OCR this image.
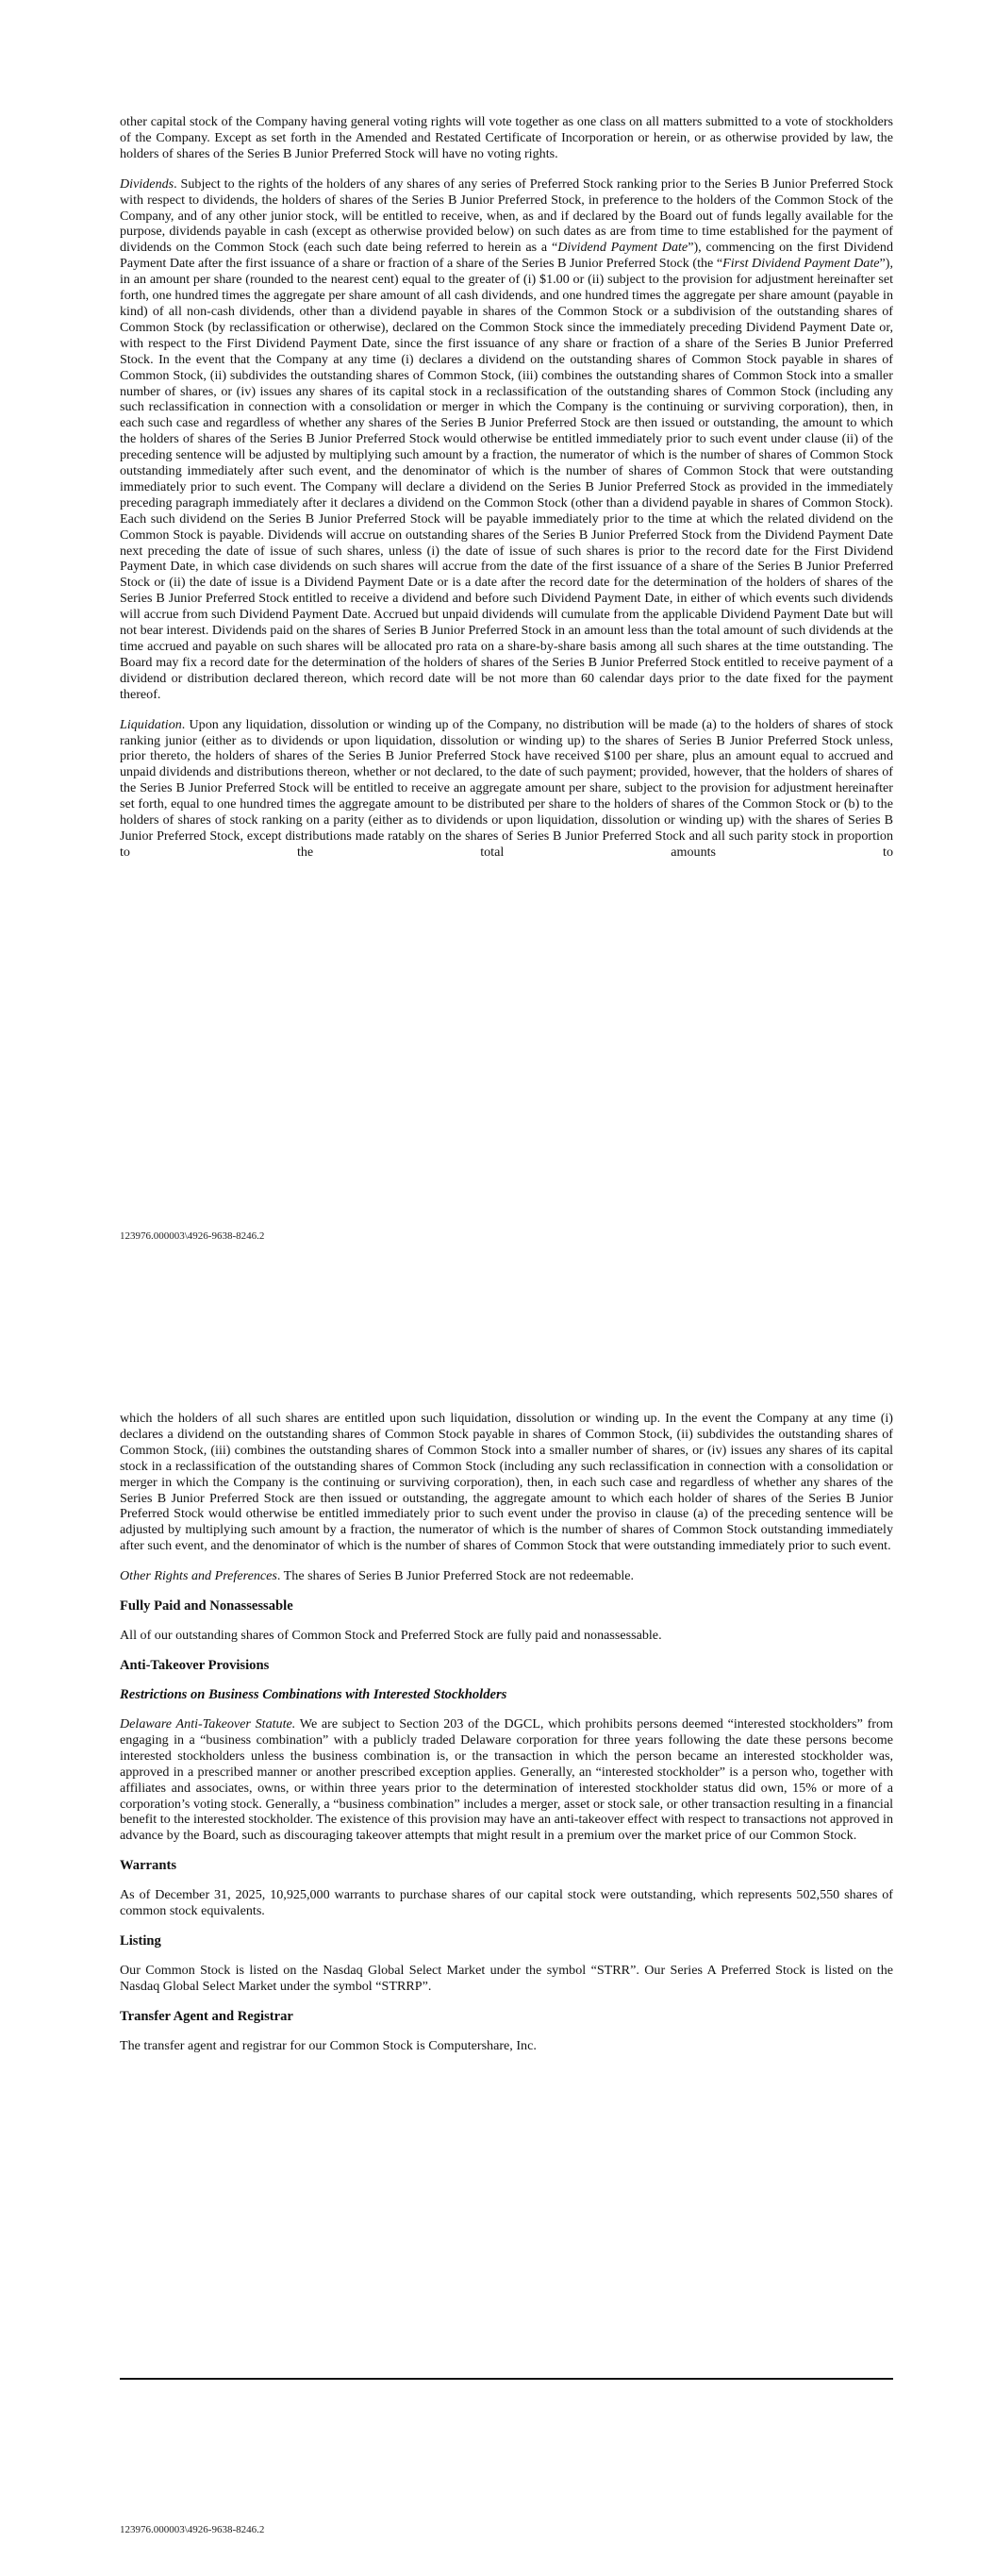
other capital stock of the Company having general voting rights will vote together as one class on all matters submitted to a vote of stockholders of the Company. Except as set forth in the Amended and Restated Certificate of Incorporation or herein, or as otherwise provided by law, the holders of shares of the Series B Junior Preferred Stock will have no voting rights.

Dividends. Subject to the rights of the holders of any shares of any series of Preferred Stock ranking prior to the Series B Junior Preferred Stock with respect to dividends, the holders of shares of the Series B Junior Preferred Stock, in preference to the holders of the Common Stock of the Company, and of any other junior stock, will be entitled to receive, when, as and if declared by the Board out of funds legally available for the purpose, dividends payable in cash (except as otherwise provided below) on such dates as are from time to time established for the payment of dividends on the Common Stock (each such date being referred to herein as a “Dividend Payment Date”), commencing on the first Dividend Payment Date after the first issuance of a share or fraction of a share of the Series B Junior Preferred Stock (the “First Dividend Payment Date”), in an amount per share (rounded to the nearest cent) equal to the greater of (i) $1.00 or (ii) subject to the provision for adjustment hereinafter set forth, one hundred times the aggregate per share amount of all cash dividends, and one hundred times the aggregate per share amount (payable in kind) of all non-cash dividends, other than a dividend payable in shares of the Common Stock or a subdivision of the outstanding shares of Common Stock (by reclassification or otherwise), declared on the Common Stock since the immediately preceding Dividend Payment Date or, with respect to the First Dividend Payment Date, since the first issuance of any share or fraction of a share of the Series B Junior Preferred Stock. In the event that the Company at any time (i) declares a dividend on the outstanding shares of Common Stock payable in shares of Common Stock, (ii) subdivides the outstanding shares of Common Stock, (iii) combines the outstanding shares of Common Stock into a smaller number of shares, or (iv) issues any shares of its capital stock in a reclassification of the outstanding shares of Common Stock (including any such reclassification in connection with a consolidation or merger in which the Company is the continuing or surviving corporation), then, in each such case and regardless of whether any shares of the Series B Junior Preferred Stock are then issued or outstanding, the amount to which the holders of shares of the Series B Junior Preferred Stock would otherwise be entitled immediately prior to such event under clause (ii) of the preceding sentence will be adjusted by multiplying such amount by a fraction, the numerator of which is the number of shares of Common Stock outstanding immediately after such event, and the denominator of which is the number of shares of Common Stock that were outstanding immediately prior to such event. The Company will declare a dividend on the Series B Junior Preferred Stock as provided in the immediately preceding paragraph immediately after it declares a dividend on the Common Stock (other than a dividend payable in shares of Common Stock). Each such dividend on the Series B Junior Preferred Stock will be payable immediately prior to the time at which the related dividend on the Common Stock is payable. Dividends will accrue on outstanding shares of the Series B Junior Preferred Stock from the Dividend Payment Date next preceding the date of issue of such shares, unless (i) the date of issue of such shares is prior to the record date for the First Dividend Payment Date, in which case dividends on such shares will accrue from the date of the first issuance of a share of the Series B Junior Preferred Stock or (ii) the date of issue is a Dividend Payment Date or is a date after the record date for the determination of the holders of shares of the Series B Junior Preferred Stock entitled to receive a dividend and before such Dividend Payment Date, in either of which events such dividends will accrue from such Dividend Payment Date. Accrued but unpaid dividends will cumulate from the applicable Dividend Payment Date but will not bear interest. Dividends paid on the shares of Series B Junior Preferred Stock in an amount less than the total amount of such dividends at the time accrued and payable on such shares will be allocated pro rata on a share-by-share basis among all such shares at the time outstanding. The Board may fix a record date for the determination of the holders of shares of the Series B Junior Preferred Stock entitled to receive payment of a dividend or distribution declared thereon, which record date will be not more than 60 calendar days prior to the date fixed for the payment thereof.

Liquidation. Upon any liquidation, dissolution or winding up of the Company, no distribution will be made (a) to the holders of shares of stock ranking junior (either as to dividends or upon liquidation, dissolution or winding up) to the shares of Series B Junior Preferred Stock unless, prior thereto, the holders of shares of the Series B Junior Preferred Stock have received $100 per share, plus an amount equal to accrued and unpaid dividends and distributions thereon, whether or not declared, to the date of such payment; provided, however, that the holders of shares of the Series B Junior Preferred Stock will be entitled to receive an aggregate amount per share, subject to the provision for adjustment hereinafter set forth, equal to one hundred times the aggregate amount to be distributed per share to the holders of shares of the Common Stock or (b) to the holders of shares of stock ranking on a parity (either as to dividends or upon liquidation, dissolution or winding up) with the shares of Series B Junior Preferred Stock, except distributions made ratably on the shares of Series B Junior Preferred Stock and all such parity stock in proportion to the total amounts to

123976.000003\4926-9638-8246.2

which the holders of all such shares are entitled upon such liquidation, dissolution or winding up. In the event the Company at any time (i) declares a dividend on the outstanding shares of Common Stock payable in shares of Common Stock, (ii) subdivides the outstanding shares of Common Stock, (iii) combines the outstanding shares of Common Stock into a smaller number of shares, or (iv) issues any shares of its capital stock in a reclassification of the outstanding shares of Common Stock (including any such reclassification in connection with a consolidation or merger in which the Company is the continuing or surviving corporation), then, in each such case and regardless of whether any shares of the Series B Junior Preferred Stock are then issued or outstanding, the aggregate amount to which each holder of shares of the Series B Junior Preferred Stock would otherwise be entitled immediately prior to such event under the proviso in clause (a) of the preceding sentence will be adjusted by multiplying such amount by a fraction, the numerator of which is the number of shares of Common Stock outstanding immediately after such event, and the denominator of which is the number of shares of Common Stock that were outstanding immediately prior to such event.

Other Rights and Preferences. The shares of Series B Junior Preferred Stock are not redeemable.

Fully Paid and Nonassessable

All of our outstanding shares of Common Stock and Preferred Stock are fully paid and nonassessable.

Anti-Takeover Provisions
Restrictions on Business Combinations with Interested Stockholders

Delaware Anti-Takeover Statute. We are subject to Section 203 of the DGCL, which prohibits persons deemed “interested stockholders” from engaging in a “business combination” with a publicly traded Delaware corporation for three years following the date these persons become interested stockholders unless the business combination is, or the transaction in which the person became an interested stockholder was, approved in a prescribed manner or another prescribed exception applies. Generally, an “interested stockholder” is a person who, together with affiliates and associates, owns, or within three years prior to the determination of interested stockholder status did own, 15% or more of a corporation’s voting stock. Generally, a “business combination” includes a merger, asset or stock sale, or other transaction resulting in a financial benefit to the interested stockholder. The existence of this provision may have an anti-takeover effect with respect to transactions not approved in advance by the Board, such as discouraging takeover attempts that might result in a premium over the market price of our Common Stock.

Warrants

As of December 31, 2025, 10,925,000 warrants to purchase shares of our capital stock were outstanding, which represents 502,550 shares of common stock equivalents.

Listing

Our Common Stock is listed on the Nasdaq Global Select Market under the symbol “STRR”. Our Series A Preferred Stock is listed on the Nasdaq Global Select Market under the symbol “STRRP”.

Transfer Agent and Registrar

The transfer agent and registrar for our Common Stock is Computershare, Inc.

123976.000003\4926-9638-8246.2
